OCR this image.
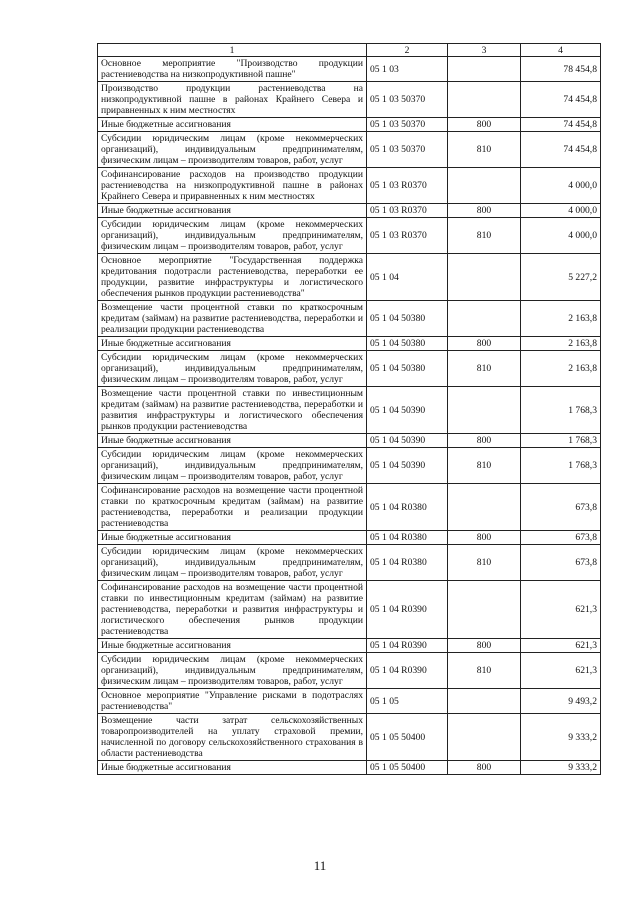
1	2	3	4
Основное мероприятие "Производство продукции растениеводства на низкопродуктивной пашне"	05 1 03		78 454,8
Производство продукции растениеводства на низкопродуктивной пашне в районах Крайнего Севера и приравненных к ним местностях	05 1 03 50370		74 454,8
Иные бюджетные ассигнования	05 1 03 50370	800	74 454,8
Субсидии юридическим лицам (кроме некоммерческих организаций), индивидуальным предпринимателям, физическим лицам – производителям товаров, работ, услуг	05 1 03 50370	810	74 454,8
Софинансирование расходов на производство продукции растениеводства на низкопродуктивной пашне в районах Крайнего Севера и приравненных к ним местностях	05 1 03 R0370		4 000,0
Иные бюджетные ассигнования	05 1 03 R0370	800	4 000,0
Субсидии юридическим лицам (кроме некоммерческих организаций), индивидуальным предпринимателям, физическим лицам – производителям товаров, работ, услуг	05 1 03 R0370	810	4 000,0
Основное мероприятие "Государственная поддержка кредитования подотрасли растениеводства, переработки ее продукции, развитие инфраструктуры и логистического обеспечения рынков продукции растениеводства"	05 1 04		5 227,2
Возмещение части процентной ставки по краткосрочным кредитам (займам) на развитие растениеводства, переработки и реализации продукции растениеводства	05 1 04 50380		2 163,8
Иные бюджетные ассигнования	05 1 04 50380	800	2 163,8
Субсидии юридическим лицам (кроме некоммерческих организаций), индивидуальным предпринимателям, физическим лицам – производителям товаров, работ, услуг	05 1 04 50380	810	2 163,8
Возмещение части процентной ставки по инвестиционным кредитам (займам) на развитие растениеводства, переработки и развития инфраструктуры и логистического обеспечения рынков продукции растениеводства	05 1 04 50390		1 768,3
Иные бюджетные ассигнования	05 1 04 50390	800	1 768,3
Субсидии юридическим лицам (кроме некоммерческих организаций), индивидуальным предпринимателям, физическим лицам – производителям товаров, работ, услуг	05 1 04 50390	810	1 768,3
Софинансирование расходов на возмещение части процентной ставки по краткосрочным кредитам (займам) на развитие растениеводства, переработки и реализации продукции растениеводства	05 1 04 R0380		673,8
Иные бюджетные ассигнования	05 1 04 R0380	800	673,8
Субсидии юридическим лицам (кроме некоммерческих организаций), индивидуальным предпринимателям, физическим лицам – производителям товаров, работ, услуг	05 1 04 R0380	810	673,8
Софинансирование расходов на возмещение части процентной ставки по инвестиционным кредитам (займам) на развитие растениеводства, переработки и развития инфраструктуры и логистического обеспечения рынков продукции растениеводства	05 1 04 R0390		621,3
Иные бюджетные ассигнования	05 1 04 R0390	800	621,3
Субсидии юридическим лицам (кроме некоммерческих организаций), индивидуальным предпринимателям, физическим лицам – производителям товаров, работ, услуг	05 1 04 R0390	810	621,3
Основное мероприятие "Управление рисками в подотраслях растениеводства"	05 1 05		9 493,2
Возмещение части затрат сельскохозяйственных товаропроизводителей на уплату страховой премии, начисленной по договору сельскохозяйственного страхования в области растениеводства	05 1 05 50400		9 333,2
Иные бюджетные ассигнования	05 1 05 50400	800	9 333,2
11
